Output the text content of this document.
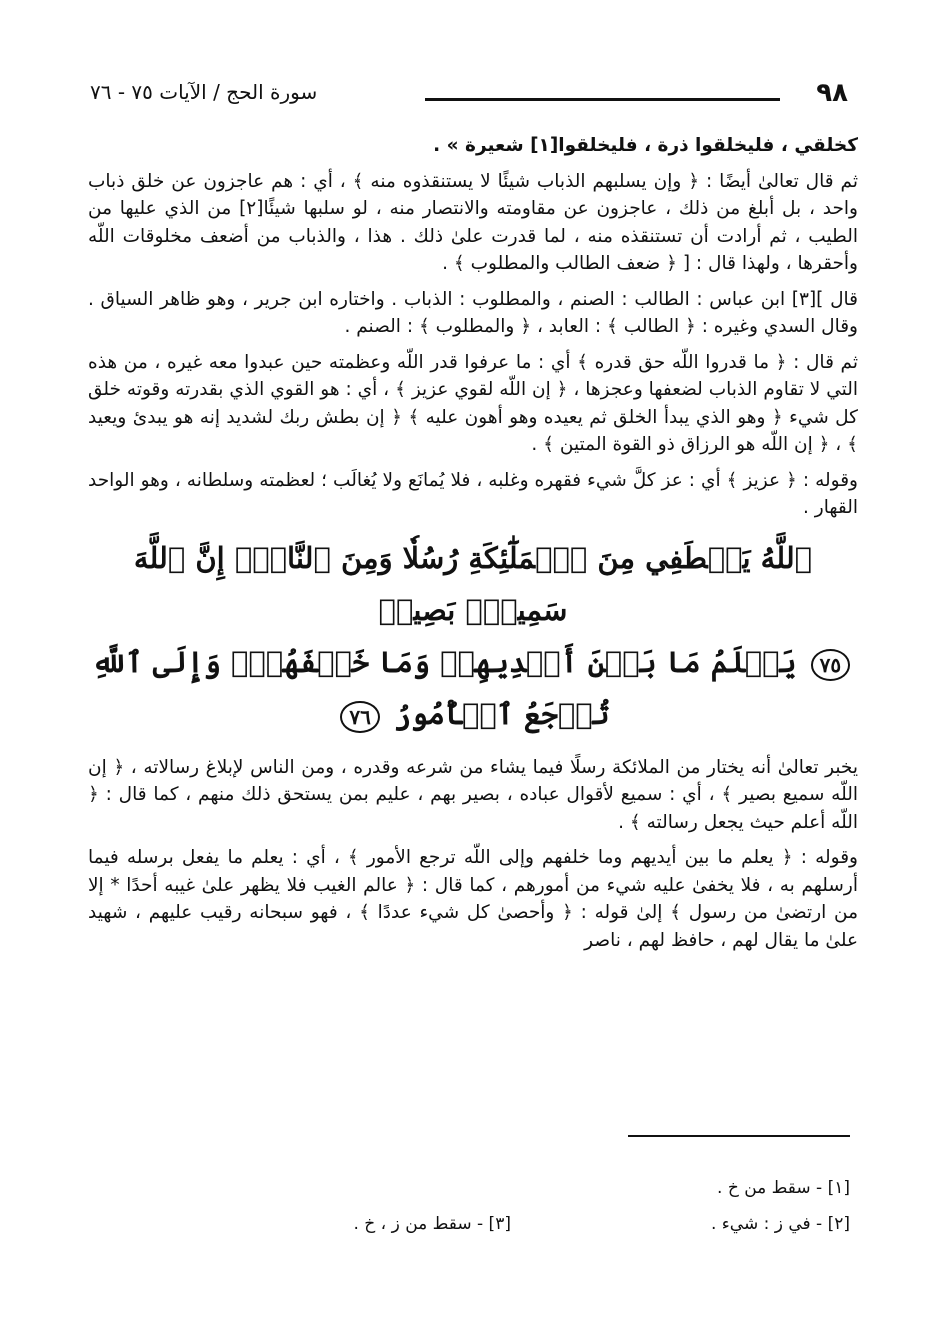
٩٨
سورة الحج / الآيات ٧٥ - ٧٦

كخلقي ، فليخلقوا ذرة ، فليخلقوا[١] شعيرة » .

ثم قال تعالىٰ أيضًا : ﴿ وإن يسلبهم الذباب شيئًا لا يستنقذوه منه ﴾ ، أي : هم عاجزون عن خلق ذباب واحد ، بل أبلغ من ذلك ، عاجزون عن مقاومته والانتصار منه ، لو سلبها شيئًا[٢] من الذي عليها من الطيب ، ثم أرادت أن تستنقذه منه ، لما قدرت علىٰ ذلك . هذا ، والذباب من أضعف مخلوقات اللّه وأحقرها ، ولهذا قال : [ ﴿ ضعف الطالب والمطلوب ﴾ .

قال ][٣] ابن عباس : الطالب : الصنم ، والمطلوب : الذباب . واختاره ابن جرير ، وهو ظاهر السياق . وقال السدي وغيره : ﴿ الطالب ﴾ : العابد ، ﴿ والمطلوب ﴾ : الصنم .

ثم قال : ﴿ ما قدروا اللّه حق قدره ﴾ أي : ما عرفوا قدر اللّه وعظمته حين عبدوا معه غيره ، من هذه التي لا تقاوم الذباب لضعفها وعجزها ، ﴿ إن اللّه لقوي عزيز ﴾ ، أي : هو القوي الذي بقدرته وقوته خلق كل شيء ﴿ وهو الذي يبدأ الخلق ثم يعيده وهو أهون عليه ﴾ ﴿ إن بطش ربك لشديد إنه هو يبدئ ويعيد ﴾ ، ﴿ إن اللّه هو الرزاق ذو القوة المتين ﴾ .

وقوله : ﴿ عزيز ﴾ أي : عز كلَّ شيء فقهره وغلبه ، فلا يُمانَع ولا يُغالَب ؛ لعظمته وسلطانه ، وهو الواحد القهار .

ٱللَّهُ يَصۡطَفِي مِنَ ٱلۡمَلَٰٓئِكَةِ رُسُلٗا وَمِنَ ٱلنَّاسِۚ إِنَّ ٱللَّهَ سَمِيعُۢ بَصِيرٞ
٧٥ يَعۡلَمُ مَا بَيۡنَ أَيۡدِيهِمۡ وَمَا خَلۡفَهُمۡۗ وَإِلَى ٱللَّهِ تُرۡجَعُ ٱلۡأُمُورُ ٧٦

يخبر تعالىٰ أنه يختار من الملائكة رسلًا فيما يشاء من شرعه وقدره ، ومن الناس لإبلاغ رسالاته ، ﴿ إن اللّه سميع بصير ﴾ ، أي : سميع لأقوال عباده ، بصير بهم ، عليم بمن يستحق ذلك منهم ، كما قال : ﴿ اللّه أعلم حيث يجعل رسالته ﴾ .

وقوله : ﴿ يعلم ما بين أيديهم وما خلفهم وإلى اللّه ترجع الأمور ﴾ ، أي : يعلم ما يفعل برسله فيما أرسلهم به ، فلا يخفىٰ عليه شيء من أمورهم ، كما قال : ﴿ عالم الغيب فلا يظهر علىٰ غيبه أحدًا * إلا من ارتضىٰ من رسول ﴾ إلىٰ قوله : ﴿ وأحصىٰ كل شيء عددًا ﴾ ، فهو سبحانه رقيب عليهم ، شهيد علىٰ ما يقال لهم ، حافظ لهم ، ناصر

[١] - سقط من خ .
[٢] - في ز : شيء .
[٣] - سقط من ز ، خ .
